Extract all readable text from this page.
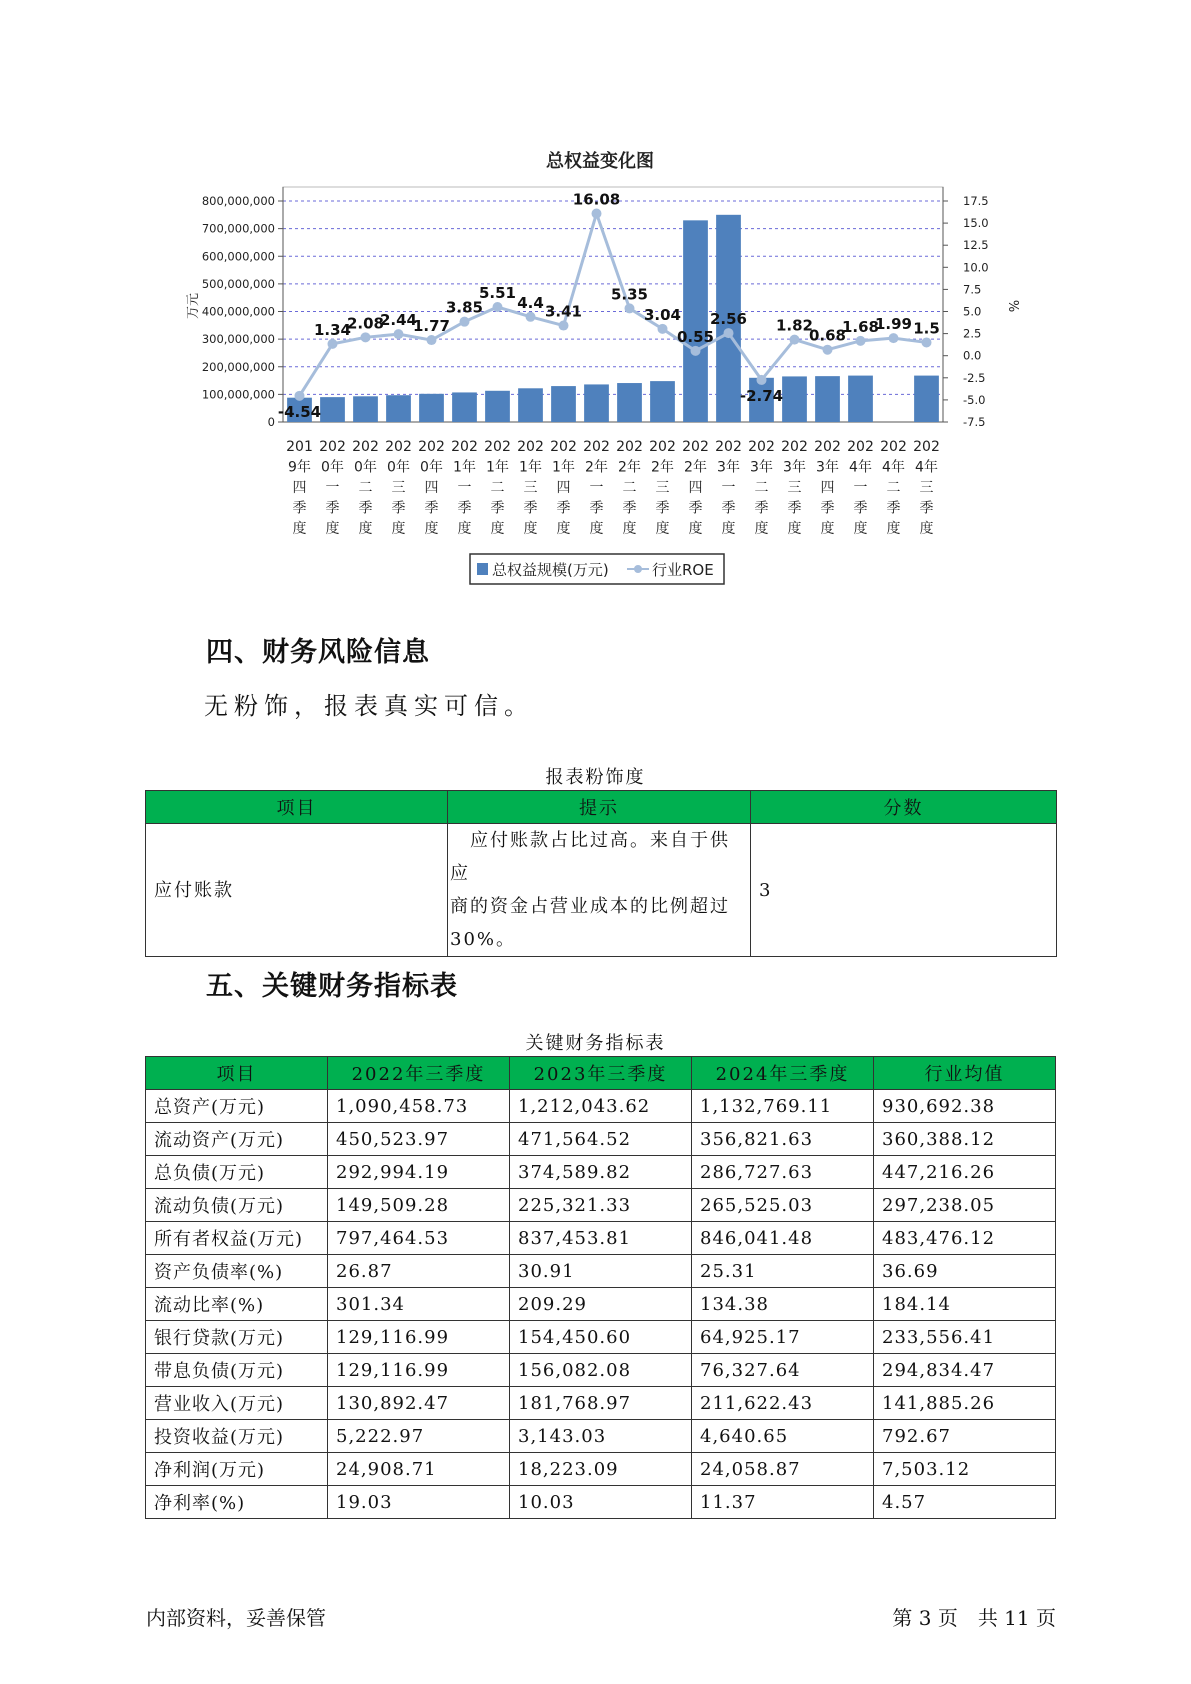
总权益变化图
0
100,000,000
200,000,000
300,000,000
400,000,000
500,000,000
600,000,000
700,000,000
800,000,000
万元
-7.5
-5.0
-2.5
0.0
2.5
5.0
7.5
10.0
12.5
15.0
17.5
%
201
9年
四
季
度
202
0年
一
季
度
202
0年
二
季
度
202
0年
三
季
度
202
0年
四
季
度
202
1年
一
季
度
202
1年
二
季
度
202
1年
三
季
度
202
1年
四
季
度
202
2年
一
季
度
202
2年
二
季
度
202
2年
三
季
度
202
2年
四
季
度
202
3年
一
季
度
202
3年
二
季
度
202
3年
三
季
度
202
3年
四
季
度
202
4年
一
季
度
202
4年
二
季
度
202
4年
三
季
度
-4.54
1.34
2.08
2.44
1.77
3.85
5.51
4.4 3.41
16.08
5.35
3.04
0.55
2.56
-2.74
1.82
0.68
1.68
1.99 1.5
总权益规模(万元)	行业ROE
四、财务风险信息
无粉饰，报表真实可信。
报表粉饰度
项目	提示	分数
应付账款	　应付账款占比过高。来自于供应
商的资金占营业成本的比例超过
30%。	3
五、关键财务指标表
关键财务指标表
项目	2022年三季度	2023年三季度	2024年三季度	行业均值
总资产(万元)	1,090,458.73	1,212,043.62	1,132,769.11	930,692.38
流动资产(万元)	450,523.97	471,564.52	356,821.63	360,388.12
总负债(万元)	292,994.19	374,589.82	286,727.63	447,216.26
流动负债(万元)	149,509.28	225,321.33	265,525.03	297,238.05
所有者权益(万元)	797,464.53	837,453.81	846,041.48	483,476.12
资产负债率(%)	26.87	30.91	25.31	36.69
流动比率(%)	301.34	209.29	134.38	184.14
银行贷款(万元)	129,116.99	154,450.60	64,925.17	233,556.41
带息负债(万元)	129,116.99	156,082.08	76,327.64	294,834.47
营业收入(万元)	130,892.47	181,768.97	211,622.43	141,885.26
投资收益(万元)	5,222.97	3,143.03	4,640.65	792.67
净利润(万元)	24,908.71	18,223.09	24,058.87	7,503.12
净利率(%)	19.03	10.03	11.37	4.57
内部资料，妥善保管	第 3 页　共 11 页
